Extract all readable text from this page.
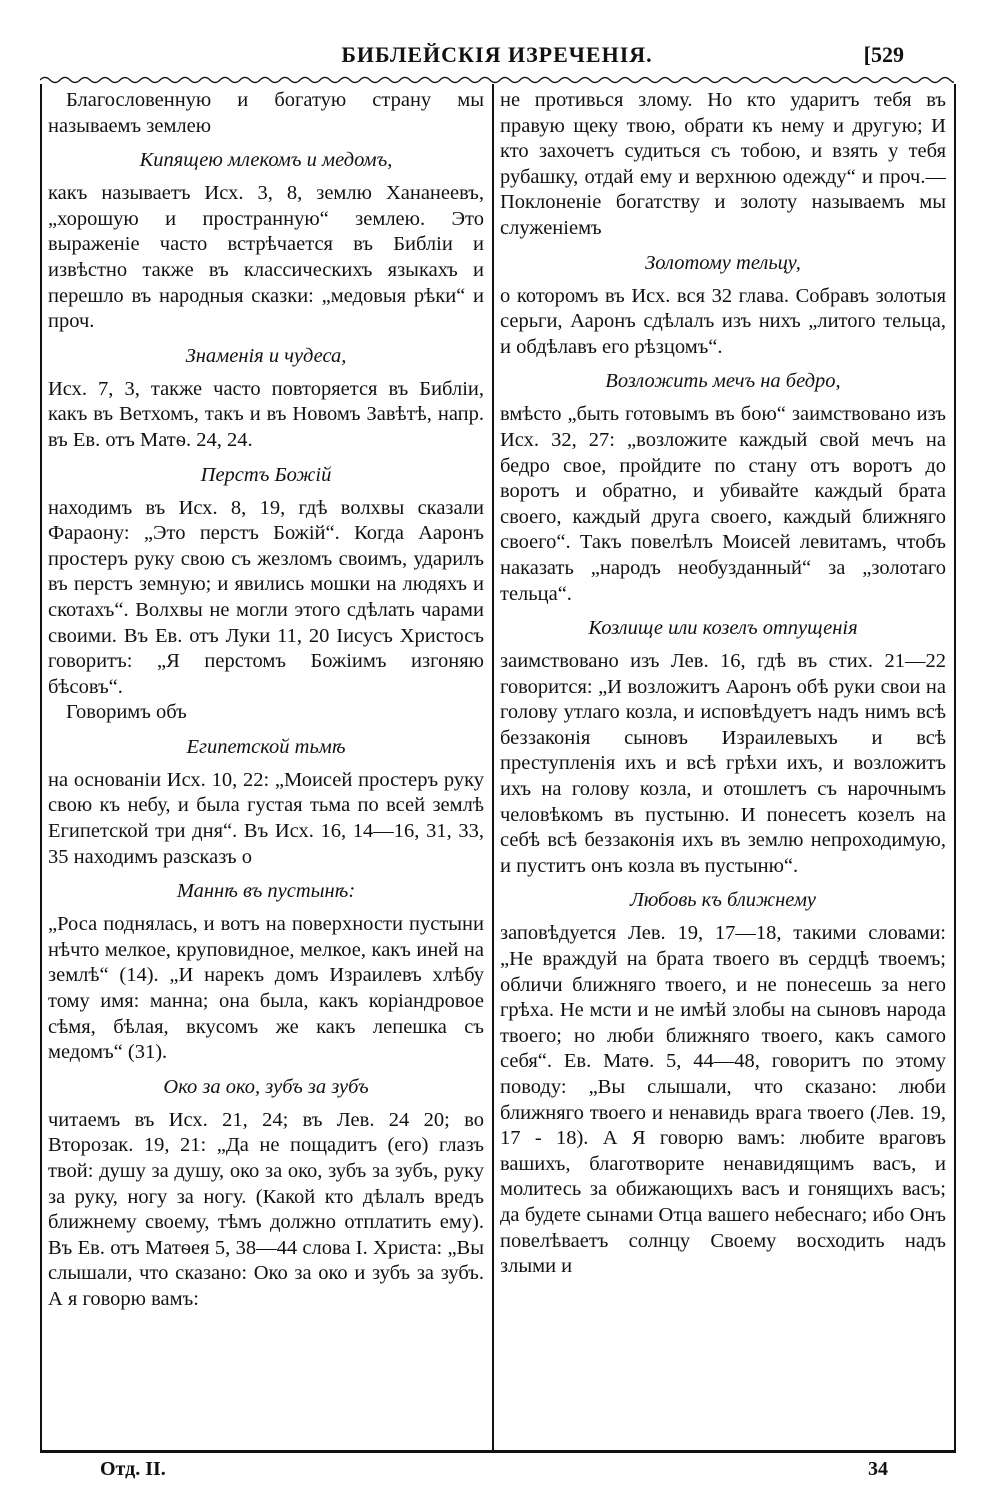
БИБЛЕЙСКІЯ ИЗРЕЧЕНІЯ.	[529

Благословенную и богатую страну мы называемъ землею

Кипящею млекомъ и медомъ,

какъ называетъ Исх. 3, 8, землю Хананеевъ, „хорошую и пространную“ землею. Это выраженіе часто встрѣчается въ Библіи и извѣстно также въ классическихъ языкахъ и перешло въ народныя сказки: „медовыя рѣки“ и проч.

Знаменія и чудеса,

Исх. 7, 3, также часто повторяется въ Библіи, какъ въ Ветхомъ, такъ и въ Новомъ Завѣтѣ, напр. въ Ев. отъ Матѳ. 24, 24.

Перстъ Божій

находимъ въ Исх. 8, 19, гдѣ волхвы сказали Фараону: „Это перстъ Божій“. Когда Ааронъ простеръ руку свою съ жезломъ своимъ, ударилъ въ перстъ земную; и явились мошки на людяхъ и скотахъ“. Волхвы не могли этого сдѣлать чарами своими. Въ Ев. отъ Луки 11, 20 Іисусъ Христосъ говоритъ: „Я перстомъ Божіимъ изгоняю бѣсовъ“.

Говоримъ объ

Египетской тьмѣ

на основаніи Исх. 10, 22: „Моисей простеръ руку свою къ небу, и была густая тьма по всей землѣ Египетской три дня“. Въ Исх. 16, 14—16, 31, 33, 35 находимъ разсказъ о

Маннѣ въ пустынѣ:

„Роса поднялась, и вотъ на поверхности пустыни нѣчто мелкое, круповидное, мелкое, какъ иней на землѣ“ (14). „И нарекъ домъ Израилевъ хлѣбу тому имя: манна; она была, какъ коріандровое сѣмя, бѣлая, вкусомъ же какъ лепешка съ медомъ“ (31).

Око за око, зубъ за зубъ

читаемъ въ Исх. 21, 24; въ Лев. 24 20; во Второзак. 19, 21: „Да не пощадитъ (его) глазъ твой: душу за душу, око за око, зубъ за зубъ, руку за руку, ногу за ногу. (Какой кто дѣлалъ вредъ ближнему своему, тѣмъ должно отплатить ему). Въ Ев. отъ Матѳея 5, 38—44 слова І. Христа: „Вы слышали, что сказано: Око за око и зубъ за зубъ. А я говорю вамъ:

не противься злому. Но кто ударитъ тебя въ правую щеку твою, обрати къ нему и другую; И кто захочетъ судиться съ тобою, и взять у тебя рубашку, отдай ему и верхнюю одежду“ и проч.—Поклоненіе богатству и золоту называемъ мы служеніемъ

Золотому тельцу,

о которомъ въ Исх. вся 32 глава. Собравъ золотыя серьги, Ааронъ сдѣлалъ изъ нихъ „литого тельца, и обдѣлавъ его рѣзцомъ“.

Возложить мечъ на бедро,

вмѣсто „быть готовымъ въ бою“ заимствовано изъ Исх. 32, 27: „возложите каждый свой мечъ на бедро свое, пройдите по стану отъ воротъ до воротъ и обратно, и убивайте каждый брата своего, каждый друга своего, каждый ближняго своего“. Такъ повелѣлъ Моисей левитамъ, чтобъ наказать „народъ необузданный“ за „золотаго тельца“.

Козлище или козелъ отпущенія

заимствовано изъ Лев. 16, гдѣ въ стих. 21—22 говорится: „И возложитъ Ааронъ обѣ руки свои на голову утлаго козла, и исповѣдуетъ надъ нимъ всѣ беззаконія сыновъ Израилевыхъ и всѣ преступленія ихъ и всѣ грѣхи ихъ, и возложитъ ихъ на голову козла, и отошлетъ съ нарочнымъ человѣкомъ въ пустыню. И понесетъ козелъ на себѣ всѣ беззаконія ихъ въ землю непроходимую, и пуститъ онъ козла въ пустыню“.

Любовь къ ближнему

заповѣдуется Лев. 19, 17—18, такими словами: „Не враждуй на брата твоего въ сердцѣ твоемъ; обличи ближняго твоего, и не понесешь за него грѣха. Не мсти и не имѣй злобы на сыновъ народа твоего; но люби ближняго твоего, какъ самого себя“. Ев. Матѳ. 5, 44—48, говоритъ по этому поводу: „Вы слышали, что сказано: люби ближняго твоего и ненавидь врага твоего (Лев. 19, 17 - 18). А Я говорю вамъ: любите враговъ вашихъ, благотворите ненавидящимъ васъ, и молитесь за обижающихъ васъ и гонящихъ васъ; да будете сынами Отца вашего небеснаго; ибо Онъ повелѣваетъ солнцу Своему восходить надъ злыми и

Отд. II.	34
